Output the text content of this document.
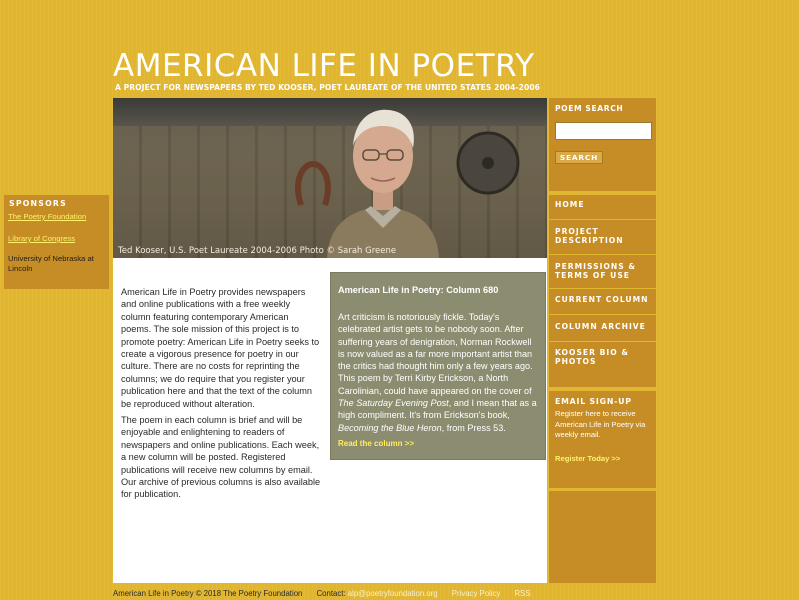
AMERICAN LIFE IN POETRY
A PROJECT FOR NEWSPAPERS BY TED KOOSER, POET LAUREATE OF THE UNITED STATES 2004-2006
Ted Kooser, U.S. Poet Laureate 2004-2006 Photo © Sarah Greene

American Life in Poetry provides newspapers and online publications with a free weekly column featuring contemporary American poems. The sole mission of this project is to promote poetry: American Life in Poetry seeks to create a vigorous presence for poetry in our culture. There are no costs for reprinting the columns; we do require that you register your publication here and that the text of the column be reproduced without alteration.

The poem in each column is brief and will be enjoyable and enlightening to readers of newspapers and online publications. Each week, a new column will be posted. Registered publications will receive new columns by email. Our archive of previous columns is also available for publication.

American Life in Poetry: Column 680

Art criticism is notoriously fickle. Today's celebrated artist gets to be nobody soon. After suffering years of denigration, Norman Rockwell is now valued as a far more important artist than the critics had thought him only a few years ago. This poem by Terri Kirby Erickson, a North Carolinian, could have appeared on the cover of The Saturday Evening Post, and I mean that as a high compliment. It's from Erickson's book, Becoming the Blue Heron, from Press 53.

Read the column >>
SPONSORS
The Poetry Foundation
Library of Congress
University of Nebraska at Lincoln
POEM SEARCH
SEARCH
HOME
PROJECT DESCRIPTION
PERMISSIONS & TERMS OF USE
CURRENT COLUMN
COLUMN ARCHIVE
KOOSER BIO & PHOTOS
EMAIL SIGN-UP
Register here to receive American Life in Poetry via weekly email.
Register Today >>
American Life in Poetry © 2018 The Poetry Foundation Contact: alp@poetryfoundation.org Privacy Policy RSS
